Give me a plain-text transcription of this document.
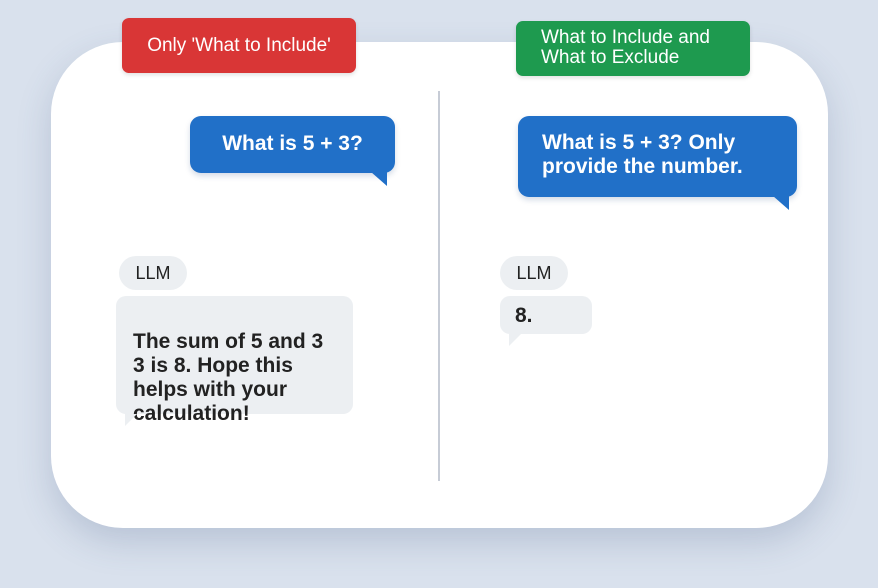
Only 'What to Include'
What is 5 + 3?
LLM

The sum of 5 and 3
3 is 8. Hope this
helps with your
calculation!

What to Include and
What to Exclude
What is 5 + 3? Only
provide the number.
LLM
8.
